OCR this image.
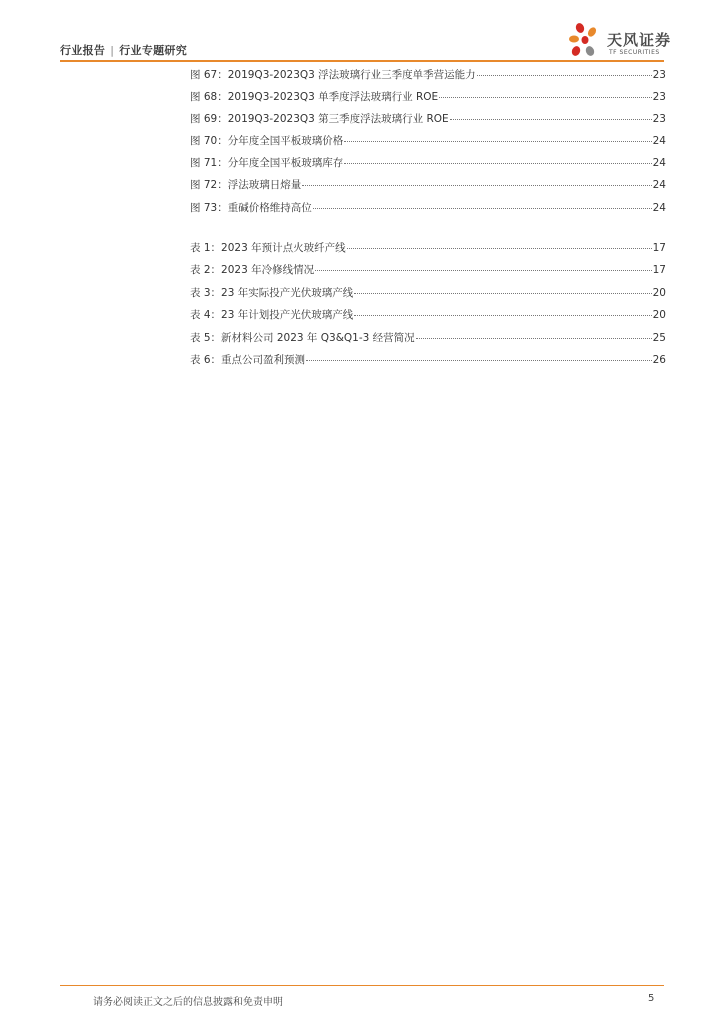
行业报告 | 行业专题研究
天风证券
TF SECURITIES
图 67： 2019Q3-2023Q3 浮法玻璃行业三季度单季营运能力	23
图 68： 2019Q3-2023Q3 单季度浮法玻璃行业 ROE	23
图 69： 2019Q3-2023Q3 第三季度浮法玻璃行业 ROE	23
图 70： 分年度全国平板玻璃价格	24
图 71： 分年度全国平板玻璃库存	24
图 72： 浮法玻璃日熔量	24
图 73： 重碱价格维持高位	24
表 1： 2023 年预计点火玻纤产线	17
表 2： 2023 年冷修线情况	17
表 3： 23 年实际投产光伏玻璃产线	20
表 4： 23 年计划投产光伏玻璃产线	20
表 5： 新材料公司 2023 年 Q3&Q1-3 经营简况	25
表 6： 重点公司盈利预测	26
请务必阅读正文之后的信息披露和免责申明	5
